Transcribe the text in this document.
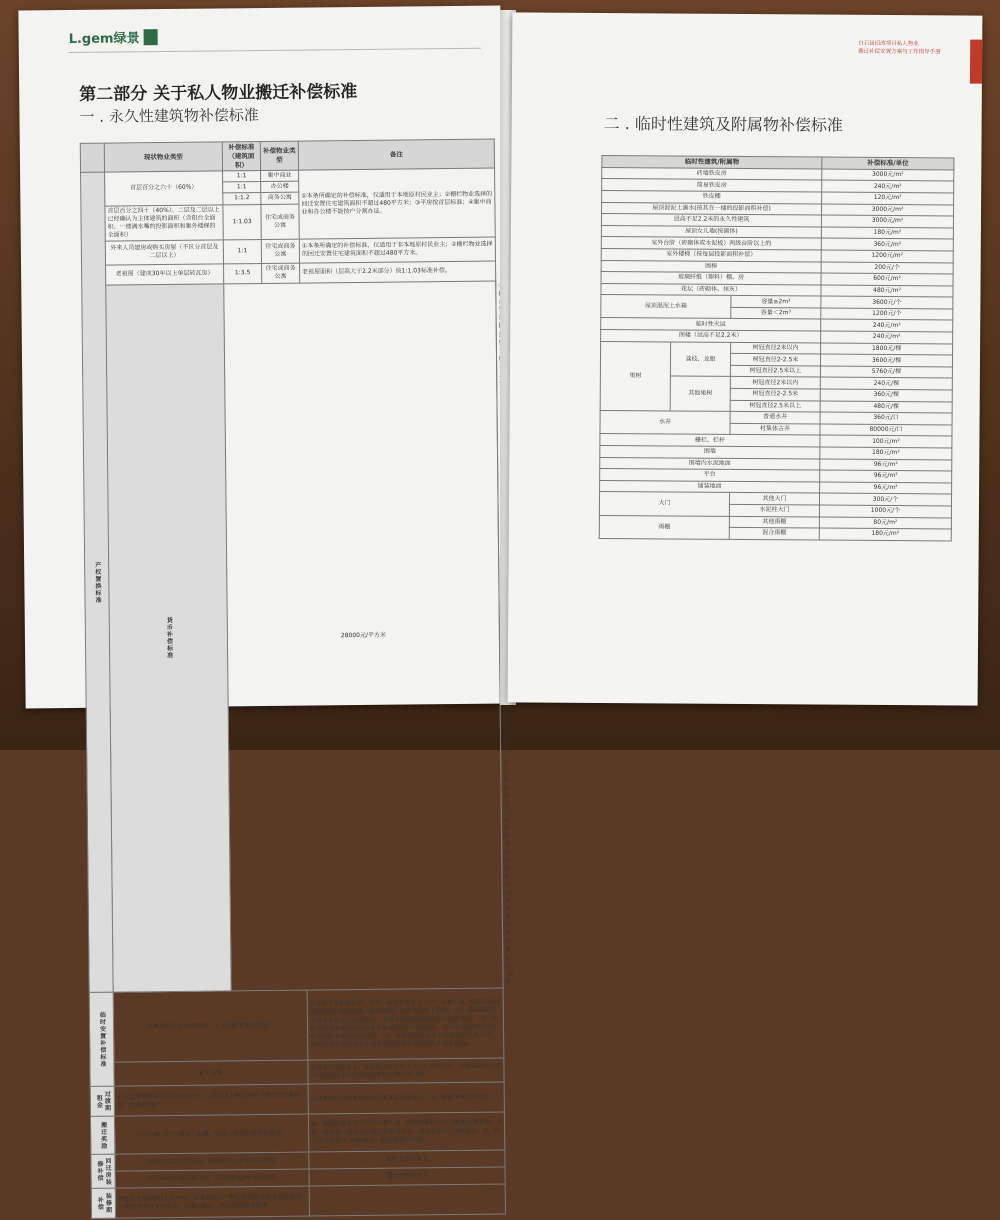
L.gem绿景
第二部分 关于私人物业搬迁补偿标准
一 . 永久性建筑物补偿标准
	现状物业类型	补偿标准（建筑面积）	补偿物业类型	备注	
产权置换标准	首层百分之六十（60%）	1:1	集中商业	①本条所确定的补偿标准，仅适用于本地原村民业主；②栅栏物业选择的回迁安置住宅建筑面积不超过480平方米；③平房按首层标准；④集中商业和办公楼不能按户分割办证。	
		1:1	办公楼		
		1:1.2	商务公寓		
	首层百分之四十（40%）、二层及二层以上已经确认为主体建筑的面积（含阳台全面积、一楼满水嘴的投影面积和集外楼梯的全面积）	1:1.03	住宅或商务公寓		
	外来人员建房或购买房屋（不区分首层及二层以上）	1:1	住宅或商务公寓	①本条所确定的补偿标准，仅适用于非本地原村民业主；②栅栏物业选择的回迁安置住宅建筑面积不超过480平方米。	
	老祖屋（建成30年以上单层砖瓦房）	1:3.5	住宅或商务公寓	老祖屋面积（层高大于2.2米部分）按1:1.03标准补偿。	
	货币补偿标准	28000元/平方米			①指在签订搬迁协议时，不选择房屋产权置换补偿，而选择货币补偿的形式；②货币补偿不区分首层及二层以上标准；③在被搬迁房屋交付后十个工作日内支付；④按期签约奖励8万元/栋；⑤搬迁补助费1万元/栋。
临时安置补偿标准	每栋固定停车位使用权一个（仅限本地原村民）			①适用于本地原村民；②第一栋房屋有多个（户）权利人的，固定车位使用权由按时签约的业主随机抽取；具体包括如下情形：（1）该栋房屋完全由非本地原村民所有的，不享受按时签约的固定车位使用权；（2）该栋房屋由本地原村民和非本地原村民共同所有的，固定车位使用权归按时签约的本地原村民所有；（3）该栋房屋存在多个本地原村民业主的，该栋房屋对应的固定车位使用权归按时签约的业主随机抽取。	
	8万元/栋			①适用于所有业主；②该栋房屋由多个（户）权利人的，按照各权利人所占该栋房屋永久性建筑面积的比例计算分配。	
过渡期租金	永久性建筑面积每月100元/m²，二层及以上60元/m²（签约之日起每满一年递增3%）			①过渡期租金按本地原村民及非原村民业主；②一楼满水嘴不计租金。	
搬迁奖励	1万元/栋（包含搬家、电视、电话、网络和宽带等费用）			①一栋房屋有多个（户）权利人的，按建筑面积占比分配搬迁费补助，②按上述方法计算得出的搬迁补助费不足人民币伍佰元（¥500元）的，按人民币伍佰元（¥500元）的标准进行补助。	
回迁房装修补偿	回迁住宅以毛坯交房，按2000元/m²补偿装修费			适用于所有业主	
	回迁商铺以精装修交房，按1500元/m²标准装修			适用于所有业主	
装修期补偿	回迁住宅装修期3个月补偿，标准同最后一期过渡期租金标准回迁商务公寓装修期内支付租金，标准同最后一期过渡期租金标准				
白石岗旧改项目私人物业
搬迁补偿安置方案与工作指导手册
二 . 临时性建筑及附属物补偿标准
临时性建筑/附属物			补偿标准/单位
砖墙铁皮房			3000元/m²
简易铁皮房			240元/m²
铁皮棚			120元/m²
屋顶混泥土滴水(按其在一楼的投影面积补偿)			3000元/m²
层高不足2.2米的永久性建筑			3000元/m²
屋顶女儿墙(按砌体)			180元/m²
室外台阶（砖砌体或水泥板）两级台阶以上的			360元/m²
室外楼梯（按每层投影面积补偿）			1200元/m²
围棒			200元/个
玻璃纤维（塑料）棚、房			600元/m²
花坛（砖砌体、抹灰）			480元/m²
屋顶混泥土水箱		容量≥2m³	3600元/个
		容量＜2m³	1200元/个
临时性夹层			240元/m²
阁楼（层高不足2.2米）			240元/m²
果树	荔枝、龙眼	树冠直径2米以内	1800元/棵
		树冠直径2-2.5米	3600元/棵
		树冠直径2.5米以上	5760元/棵
	其他果树	树冠直径2米以内	240元/棵
		树冠直径2-2.5米	360元/棵
		树冠直径2.5米以上	480元/棵
水井		普通水井	360元/口
		村集体古井	80000元/口
栅栏、栏杆			100元/m²
围墙			180元/m²
围墙内水泥地面			96元/m²
平台			96元/m²
铺装地面			96元/m²
大门		其他大门	300元/个
		水泥柱大门	1000元/个
雨棚		其他雨棚	80元/m²
		混合雨棚	180元/m²
